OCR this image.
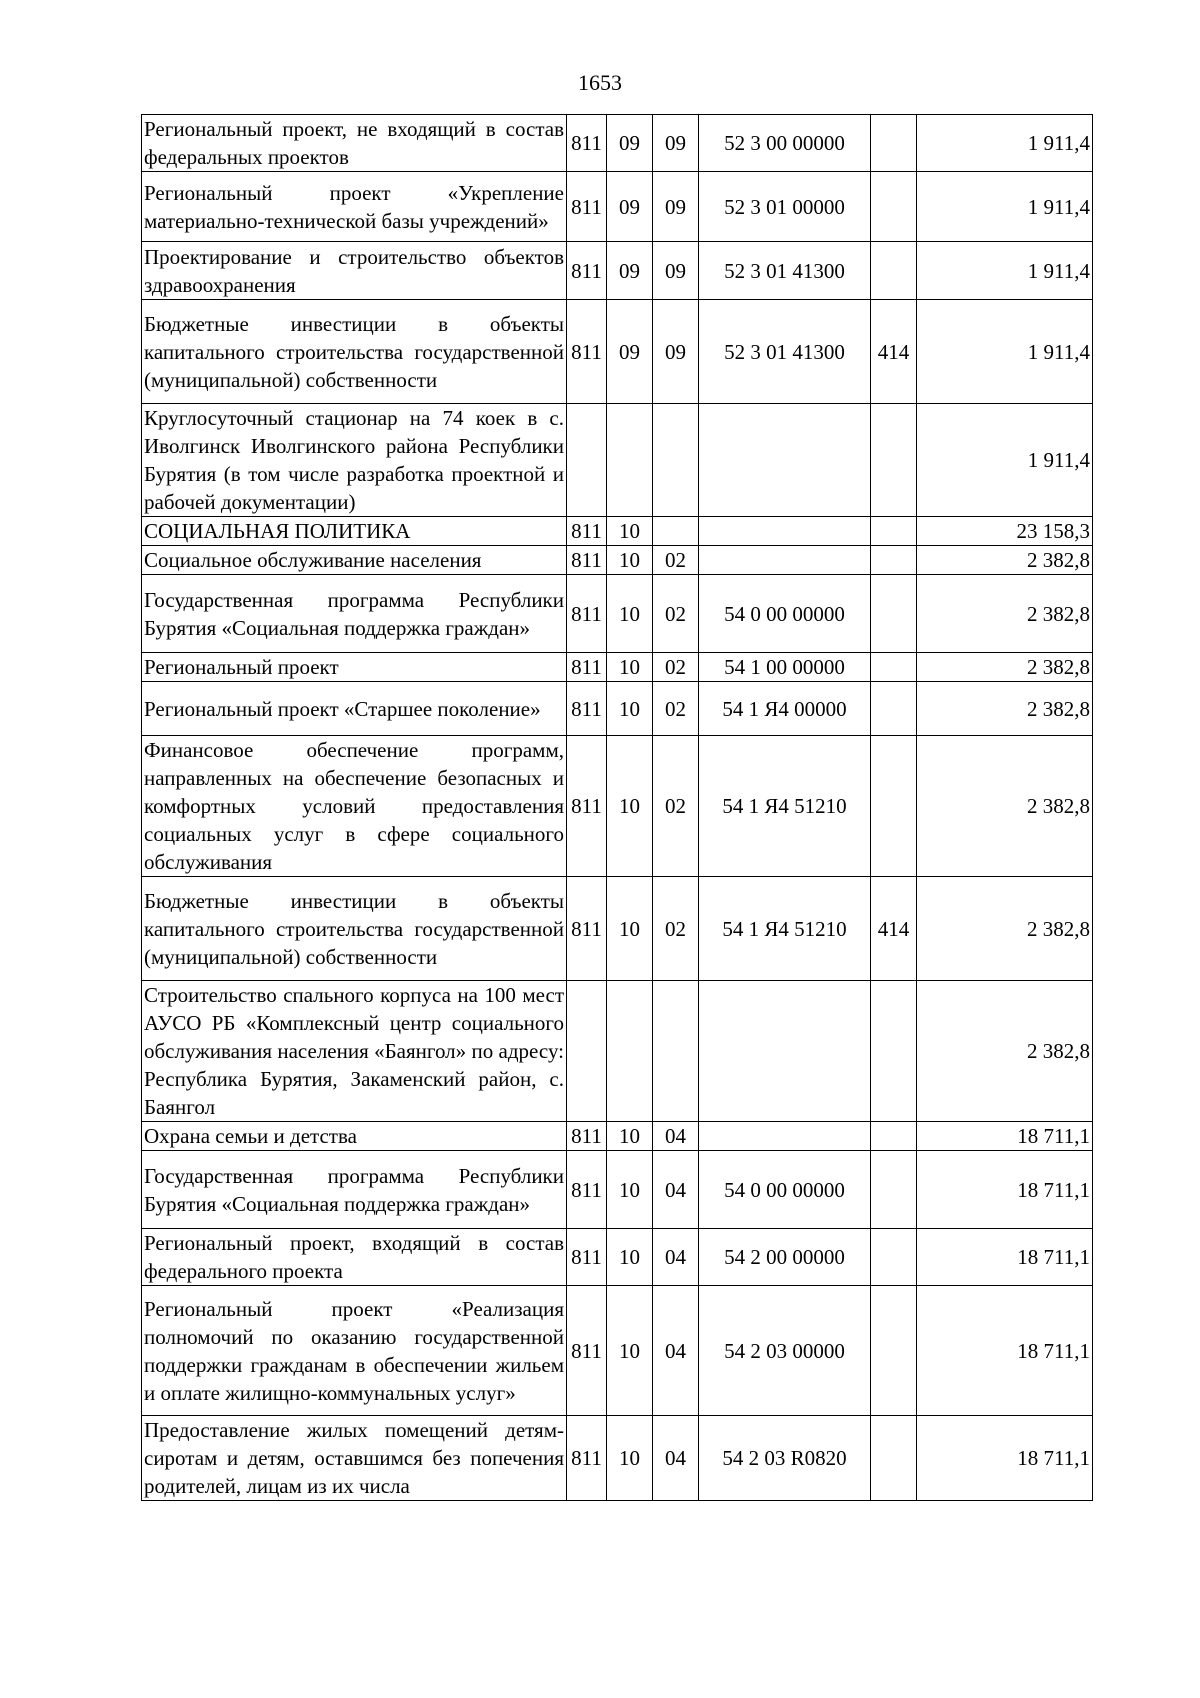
1653
Региональный проект, не входящий в состав федеральных проектов	811	09	09	52 3 00 00000		1 911,4
Региональный проект «Укрепление материально-технической базы учреждений»	811	09	09	52 3 01 00000		1 911,4
Проектирование и строительство объектов здравоохранения	811	09	09	52 3 01 41300		1 911,4
Бюджетные инвестиции в объекты капитального строительства государственной (муниципальной) собственности	811	09	09	52 3 01 41300	414	1 911,4
Круглосуточный стационар на 74 коек в с. Иволгинск Иволгинского района Республики Бурятия (в том числе разработка проектной и рабочей документации)						1 911,4
СОЦИАЛЬНАЯ ПОЛИТИКА	811	10				23 158,3
Социальное обслуживание населения	811	10	02			2 382,8
Государственная программа Республики Бурятия «Социальная поддержка граждан»	811	10	02	54 0 00 00000		2 382,8
Региональный проект	811	10	02	54 1 00 00000		2 382,8
Региональный проект «Старшее поколение»	811	10	02	54 1 Я4 00000		2 382,8
Финансовое обеспечение программ, направленных на обеспечение безопасных и комфортных условий предоставления социальных услуг в сфере социального обслуживания	811	10	02	54 1 Я4 51210		2 382,8
Бюджетные инвестиции в объекты капитального строительства государственной (муниципальной) собственности	811	10	02	54 1 Я4 51210	414	2 382,8
Строительство спального корпуса на 100 мест АУСО РБ «Комплексный центр социального обслуживания населения «Баянгол» по адресу: Республика Бурятия, Закаменский район, с. Баянгол						2 382,8
Охрана семьи и детства	811	10	04			18 711,1
Государственная программа Республики Бурятия «Социальная поддержка граждан»	811	10	04	54 0 00 00000		18 711,1
Региональный проект, входящий в состав федерального проекта	811	10	04	54 2 00 00000		18 711,1
Региональный проект «Реализация полномочий по оказанию государственной поддержки гражданам в обеспечении жильем и оплате жилищно-коммунальных услуг»	811	10	04	54 2 03 00000		18 711,1
Предоставление жилых помещений детям-сиротам и детям, оставшимся без попечения родителей, лицам из их числа	811	10	04	54 2 03 R0820		18 711,1
